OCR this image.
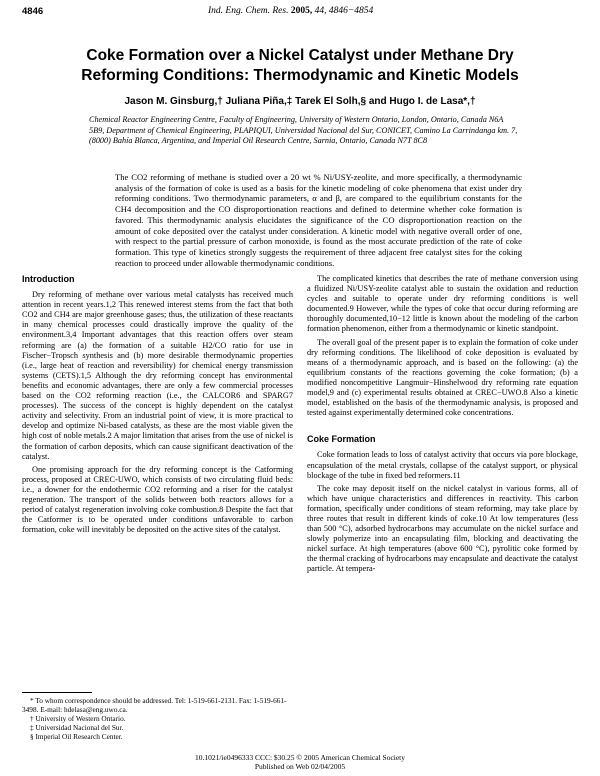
4846	Ind. Eng. Chem. Res. 2005, 44, 4846−4854
Coke Formation over a Nickel Catalyst under Methane Dry
Reforming Conditions: Thermodynamic and Kinetic Models
Jason M. Ginsburg,† Juliana Piña,‡ Tarek El Solh,§ and Hugo I. de Lasa*,†
Chemical Reactor Engineering Centre, Faculty of Engineering, University of Western Ontario, London, Ontario, Canada N6A 5B9, Department of Chemical Engineering, PLAPIQUI, Universidad Nacional del Sur, CONICET, Camino La Carrindanga km. 7, (8000) Bahía Blanca, Argentina, and Imperial Oil Research Centre, Sarnia, Ontario, Canada N7T 8C8
The CO2 reforming of methane is studied over a 20 wt % Ni/USY-zeolite, and more specifically, a thermodynamic analysis of the formation of coke is used as a basis for the kinetic modeling of coke phenomena that exist under dry reforming conditions. Two thermodynamic parameters, α and β, are compared to the equilibrium constants for the CH4 decomposition and the CO disproportionation reactions and defined to determine whether coke formation is favored. This thermodynamic analysis elucidates the significance of the CO disproportionation reaction on the amount of coke deposited over the catalyst under consideration. A kinetic model with negative overall order of one, with respect to the partial pressure of carbon monoxide, is found as the most accurate prediction of the rate of coke formation. This type of kinetics strongly suggests the requirement of three adjacent free catalyst sites for the coking reaction to proceed under allowable thermodynamic conditions.
Introduction

Dry reforming of methane over various metal catalysts has received much attention in recent years.1,2 This renewed interest stems from the fact that both CO2 and CH4 are major greenhouse gases; thus, the utilization of these reactants in many chemical processes could drastically improve the quality of the environment.3,4 Important advantages that this reaction offers over steam reforming are (a) the formation of a suitable H2/CO ratio for use in Fischer−Tropsch synthesis and (b) more desirable thermodynamic properties (i.e., large heat of reaction and reversibility) for chemical energy transmission systems (CETS).1,5 Although the dry reforming concept has environmental benefits and economic advantages, there are only a few commercial processes based on the CO2 reforming reaction (i.e., the CALCOR6 and SPARG7 processes). The success of the concept is highly dependent on the catalyst activity and selectivity. From an industrial point of view, it is more practical to develop and optimize Ni-based catalysts, as these are the most viable given the high cost of noble metals.2 A major limitation that arises from the use of nickel is the formation of carbon deposits, which can cause significant deactivation of the catalyst.

One promising approach for the dry reforming concept is the Catforming process, proposed at CREC-UWO, which consists of two circulating fluid beds: i.e., a downer for the endothermic CO2 reforming and a riser for the catalyst regeneration. The transport of the solids between both reactors allows for a period of catalyst regeneration involving coke combustion.8 Despite the fact that the Catformer is to be operated under conditions unfavorable to carbon formation, coke will inevitably be deposited on the active sites of the catalyst.

* To whom correspondence should be addressed. Tel: 1-519-661-2131. Fax: 1-519-661-3498. E-mail: hdelasa@eng.uwo.ca.
† University of Western Ontario.
‡ Universidad Nacional del Sur.
§ Imperial Oil Research Center.

The complicated kinetics that describes the rate of methane conversion using a fluidized Ni/USY-zeolite catalyst able to sustain the oxidation and reduction cycles and suitable to operate under dry reforming conditions is well documented.9 However, while the types of coke that occur during reforming are thoroughly documented,10−12 little is known about the modeling of the carbon formation phenomenon, either from a thermodynamic or kinetic standpoint.

The overall goal of the present paper is to explain the formation of coke under dry reforming conditions. The likelihood of coke deposition is evaluated by means of a thermodynamic approach, and is based on the following: (a) the equilibrium constants of the reactions governing the coke formation; (b) a modified noncompetitive Langmuir−Hinshelwood dry reforming rate equation model,9 and (c) experimental results obtained at CREC−UWO.8 Also a kinetic model, established on the basis of the thermodynamic analysis, is proposed and tested against experimentally determined coke concentrations.

Coke Formation

Coke formation leads to loss of catalyst activity that occurs via pore blockage, encapsulation of the metal crystals, collapse of the catalyst support, or physical blockage of the tube in fixed bed reformers.11

The coke may deposit itself on the nickel catalyst in various forms, all of which have unique characteristics and differences in reactivity. This carbon formation, specifically under conditions of steam reforming, may take place by three routes that result in different kinds of coke.10 At low temperatures (less than 500 °C), adsorbed hydrocarbons may accumulate on the nickel surface and slowly polymerize into an encapsulating film, blocking and deactivating the nickel surface. At high temperatures (above 600 °C), pyrolitic coke formed by the thermal cracking of hydrocarbons may encapsulate and deactivate the catalyst particle. At tempera-

10.1021/ie0496333 CCC: $30.25 © 2005 American Chemical Society
Published on Web 02/04/2005
